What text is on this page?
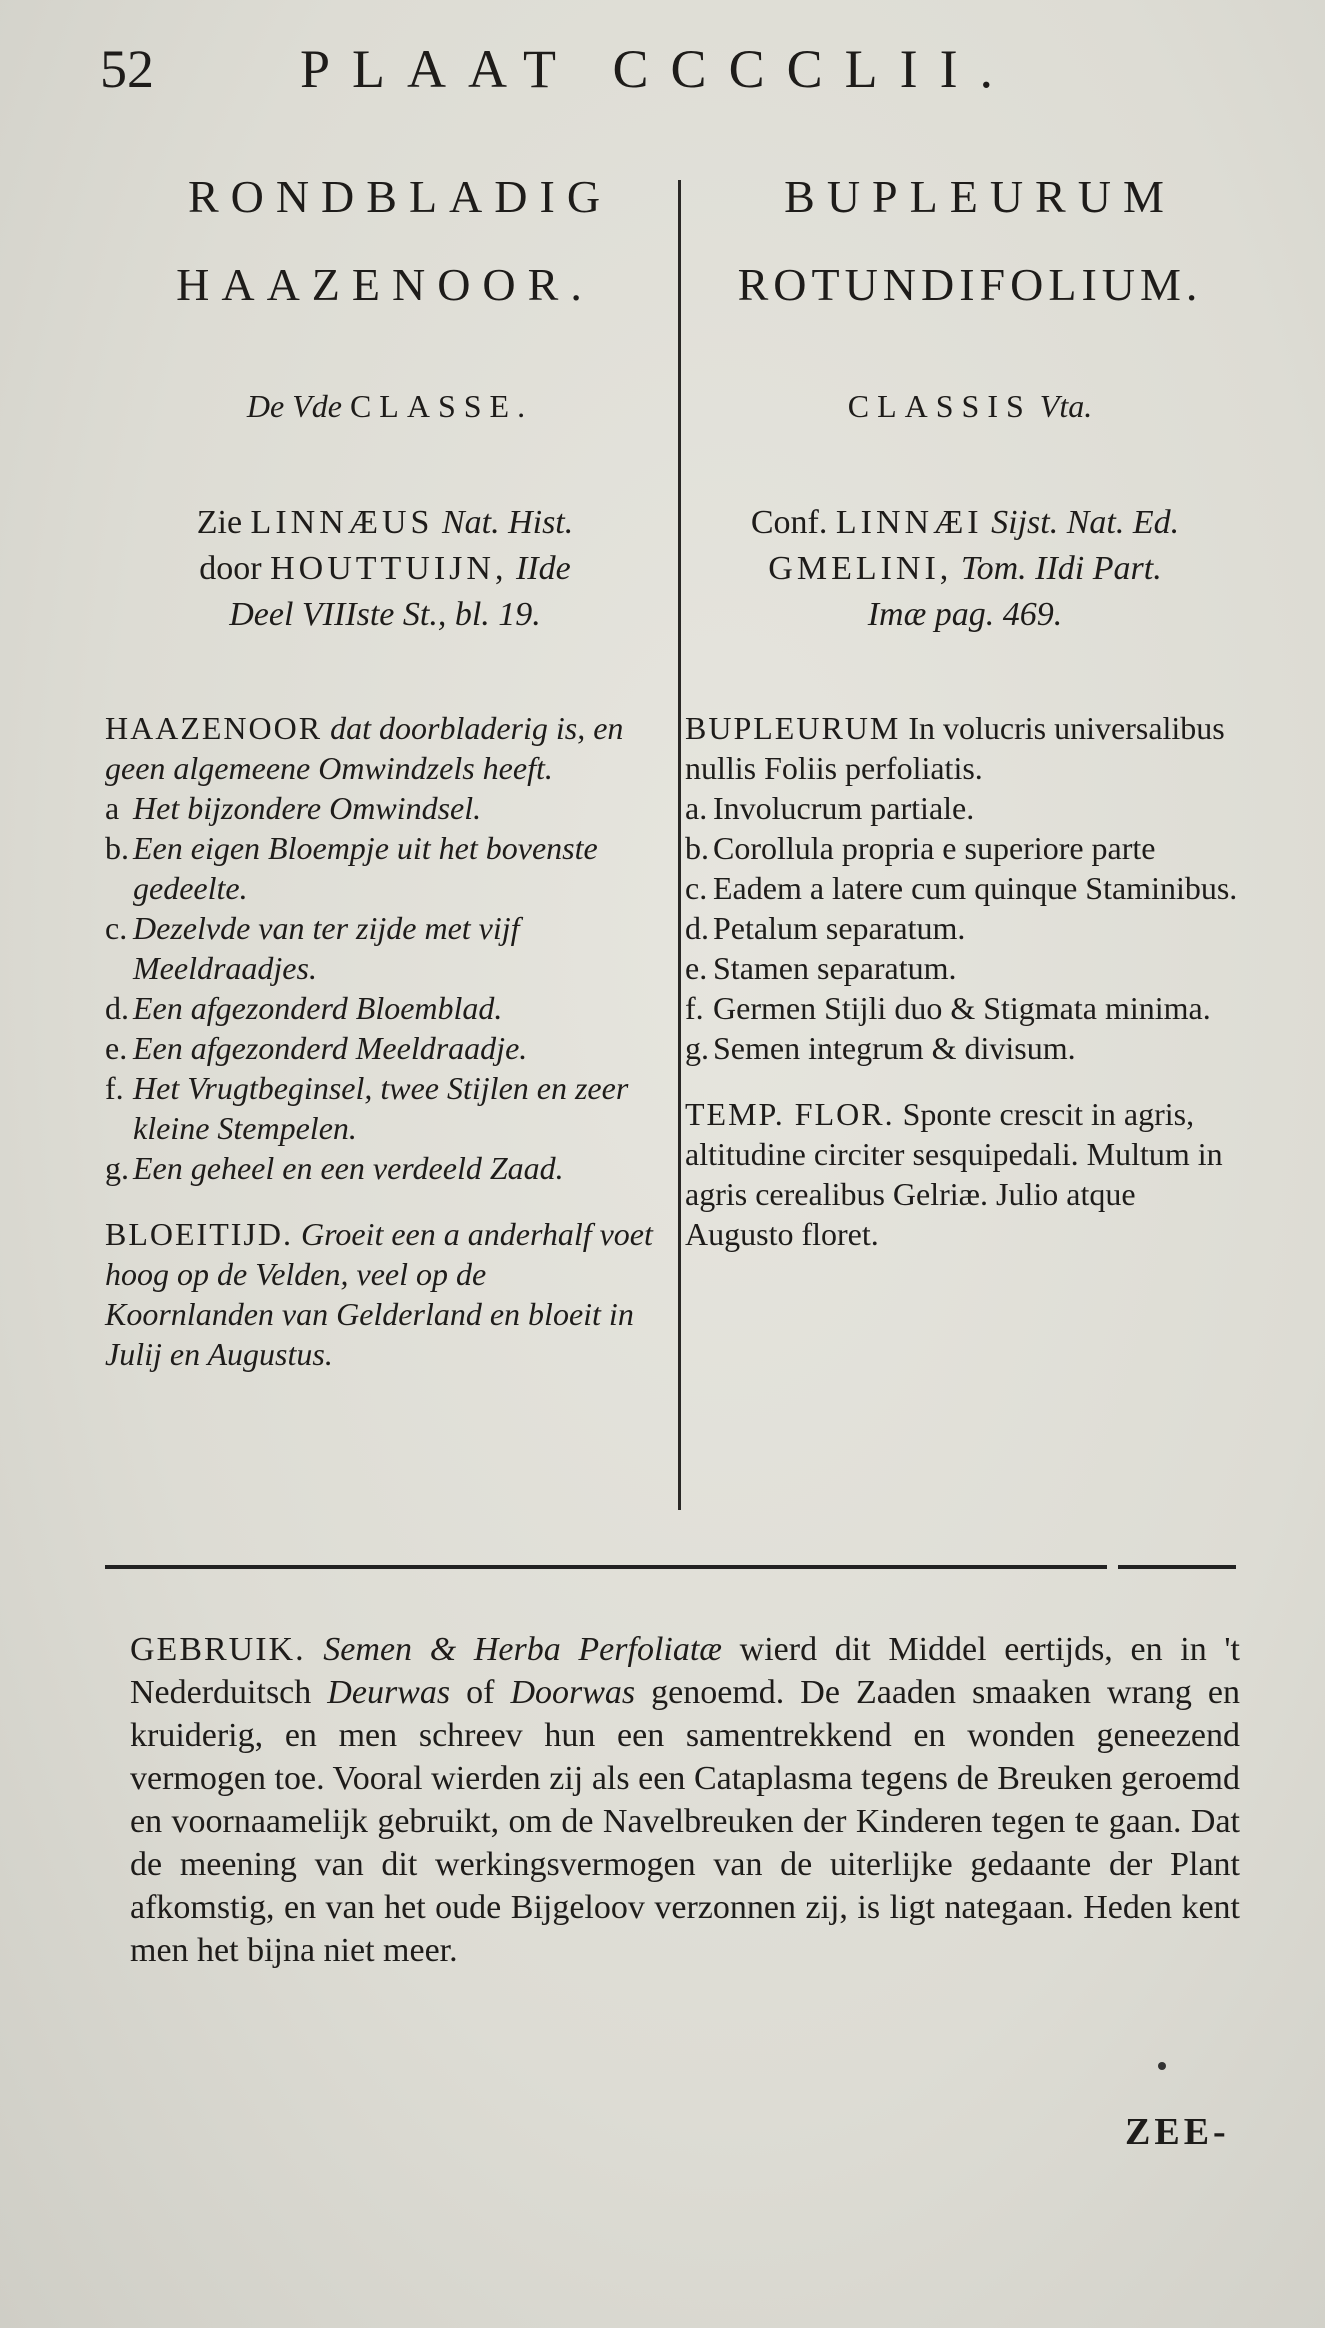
52	PLAAT CCCCLII.
RONDBLADIG
HAAZENOOR.
BUPLEURUM
ROTUNDIFOLIUM.
De Vde CLASSE.	CLASSIS Vta.
Zie LINNÆUS Nat. Hist.
door HOUTTUIJN, IIde
Deel VIIIste St., bl. 19.
Conf. LINNÆI Sijst. Nat. Ed.
GMELINI, Tom. IIdi Part.
Imæ pag. 469.
HAAZENOOR dat doorbladerig is, en geen algemeene Omwindzels heeft.
a Het bijzondere Omwindsel.
b. Een eigen Bloempje uit het bovenste gedeelte.
c. Dezelvde van ter zijde met vijf Meeldraadjes.
d. Een afgezonderd Bloemblad.
e. Een afgezonderd Meeldraadje.
f. Het Vrugtbeginsel, twee Stijlen en zeer kleine Stempelen.
g. Een geheel en een verdeeld Zaad.
BLOEITIJD. Groeit een a anderhalf voet hoog op de Velden, veel op de Koornlanden van Gelderland en bloeit in Julij en Augustus.
BUPLEURUM In volucris universalibus nullis Foliis perfoliatis.
a. Involucrum partiale.
b. Corollula propria e superiore parte
c. Eadem a latere cum quinque Staminibus.
d. Petalum separatum.
e. Stamen separatum.
f. Germen Stijli duo & Stigmata minima.
g. Semen integrum & divisum.
TEMP. FLOR. Sponte crescit in agris, altitudine circiter sesquipedali. Multum in agris cerealibus Gelriæ. Julio atque Augusto floret.
GEBRUIK. Semen & Herba Perfoliatæ wierd dit Middel eertijds, en in 't Nederduitsch Deurwas of Doorwas genoemd. De Zaaden smaaken wrang en kruiderig, en men schreev hun een samentrekkend en wonden geneezend vermogen toe. Vooral wierden zij als een Cataplasma tegens de Breuken geroemd en voornaamelijk gebruikt, om de Navelbreuken der Kinderen tegen te gaan. Dat de meening van dit werkingsvermogen van de uiterlijke gedaante der Plant afkomstig, en van het oude Bijgeloov verzonnen zij, is ligt nategaan. Heden kent men het bijna niet meer.
ZEE-
